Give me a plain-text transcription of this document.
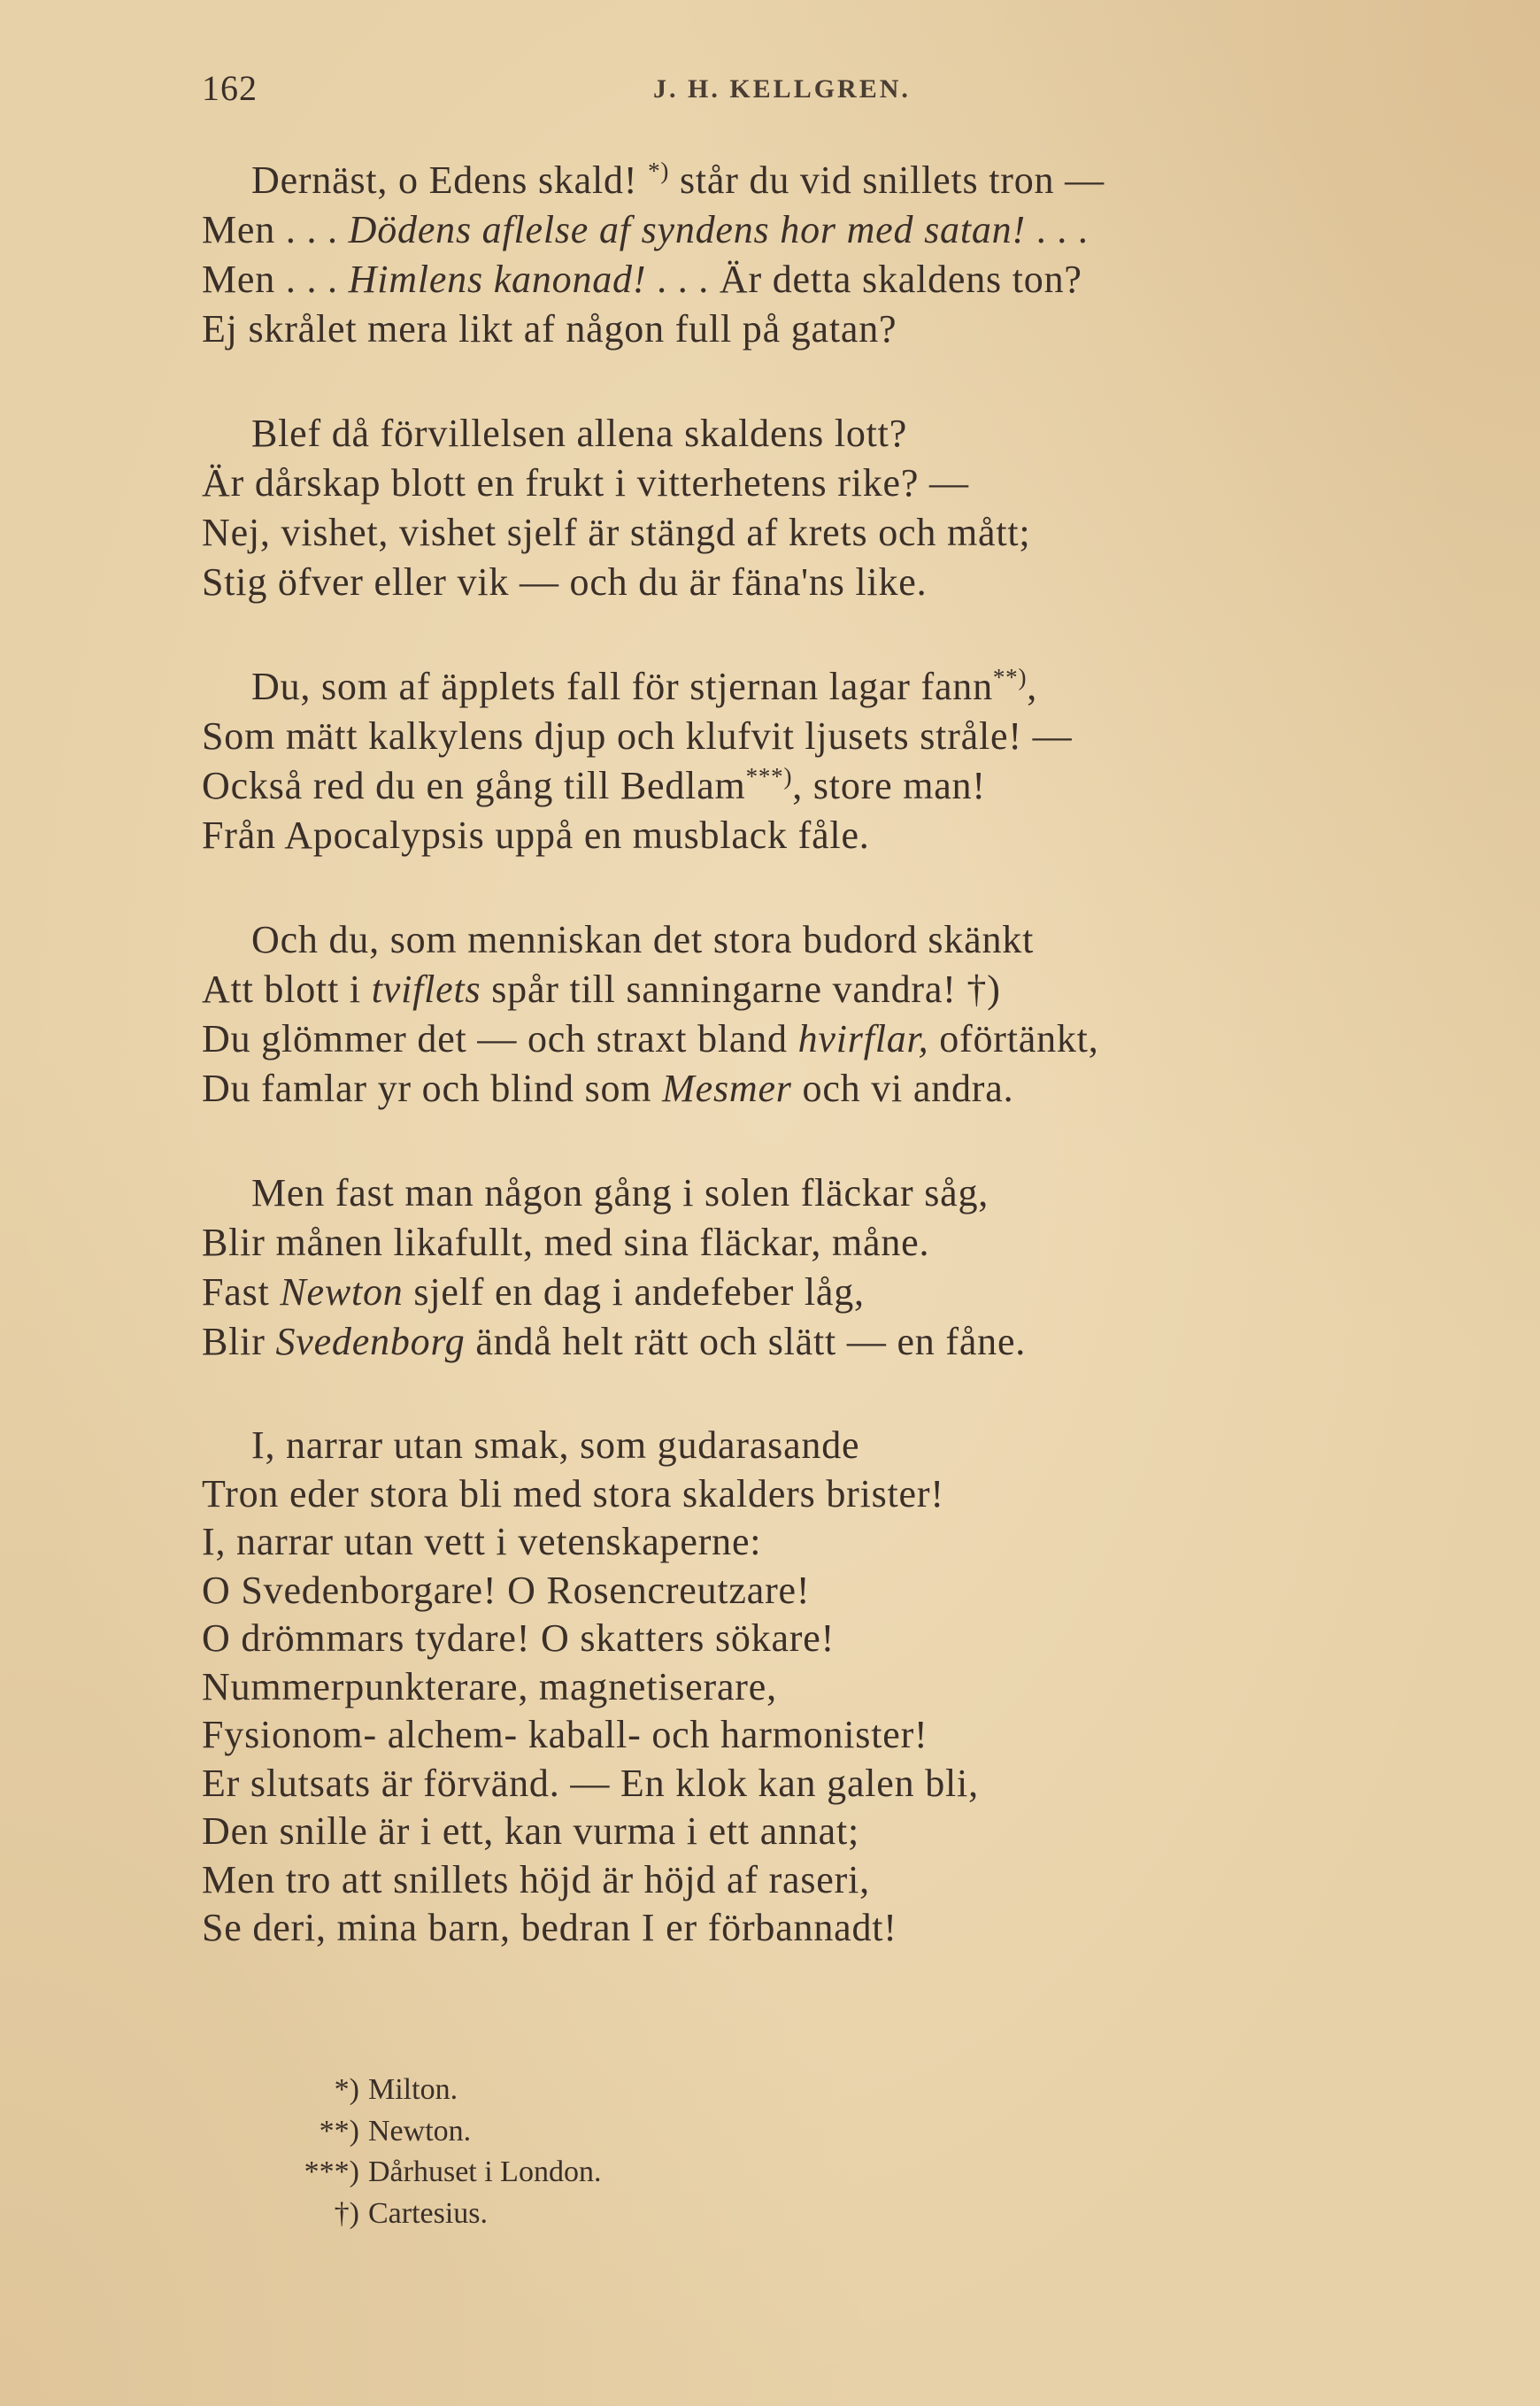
162	J. H. KELLGREN.
Dernäst, o Edens skald! *) står du vid snillets tron —
Men . . . Dödens aflelse af syndens hor med satan! . . .
Men . . . Himlens kanonad! . . . Är detta skaldens ton?
Ej skrålet mera likt af någon full på gatan?
Blef då förvillelsen allena skaldens lott?
Är dårskap blott en frukt i vitterhetens rike? —
Nej, vishet, vishet sjelf är stängd af krets och mått;
Stig öfver eller vik — och du är fäna'ns like.
Du, som af äpplets fall för stjernan lagar fann**),
Som mätt kalkylens djup och klufvit ljusets stråle! —
Också red du en gång till Bedlam***), store man!
Från Apocalypsis uppå en musblack fåle.
Och du, som menniskan det stora budord skänkt
Att blott i tviflets spår till sanningarne vandra! †)
Du glömmer det — och straxt bland hvirflar, oförtänkt,
Du famlar yr och blind som Mesmer och vi andra.
Men fast man någon gång i solen fläckar såg,
Blir månen likafullt, med sina fläckar, måne.
Fast Newton sjelf en dag i andefeber låg,
Blir Svedenborg ändå helt rätt och slätt — en fåne.
I, narrar utan smak, som gudarasande
Tron eder stora bli med stora skalders brister!
I, narrar utan vett i vetenskaperne:
O Svedenborgare! O Rosencreutzare!
O drömmars tydare! O skatters sökare!
Nummerpunkterare, magnetiserare,
Fysionom- alchem- kaball- och harmonister!
Er slutsats är förvänd. — En klok kan galen bli,
Den snille är i ett, kan vurma i ett annat;
Men tro att snillets höjd är höjd af raseri,
Se deri, mina barn, bedran I er förbannadt!
*) Milton.
**) Newton.
***) Dårhuset i London.
†) Cartesius.
